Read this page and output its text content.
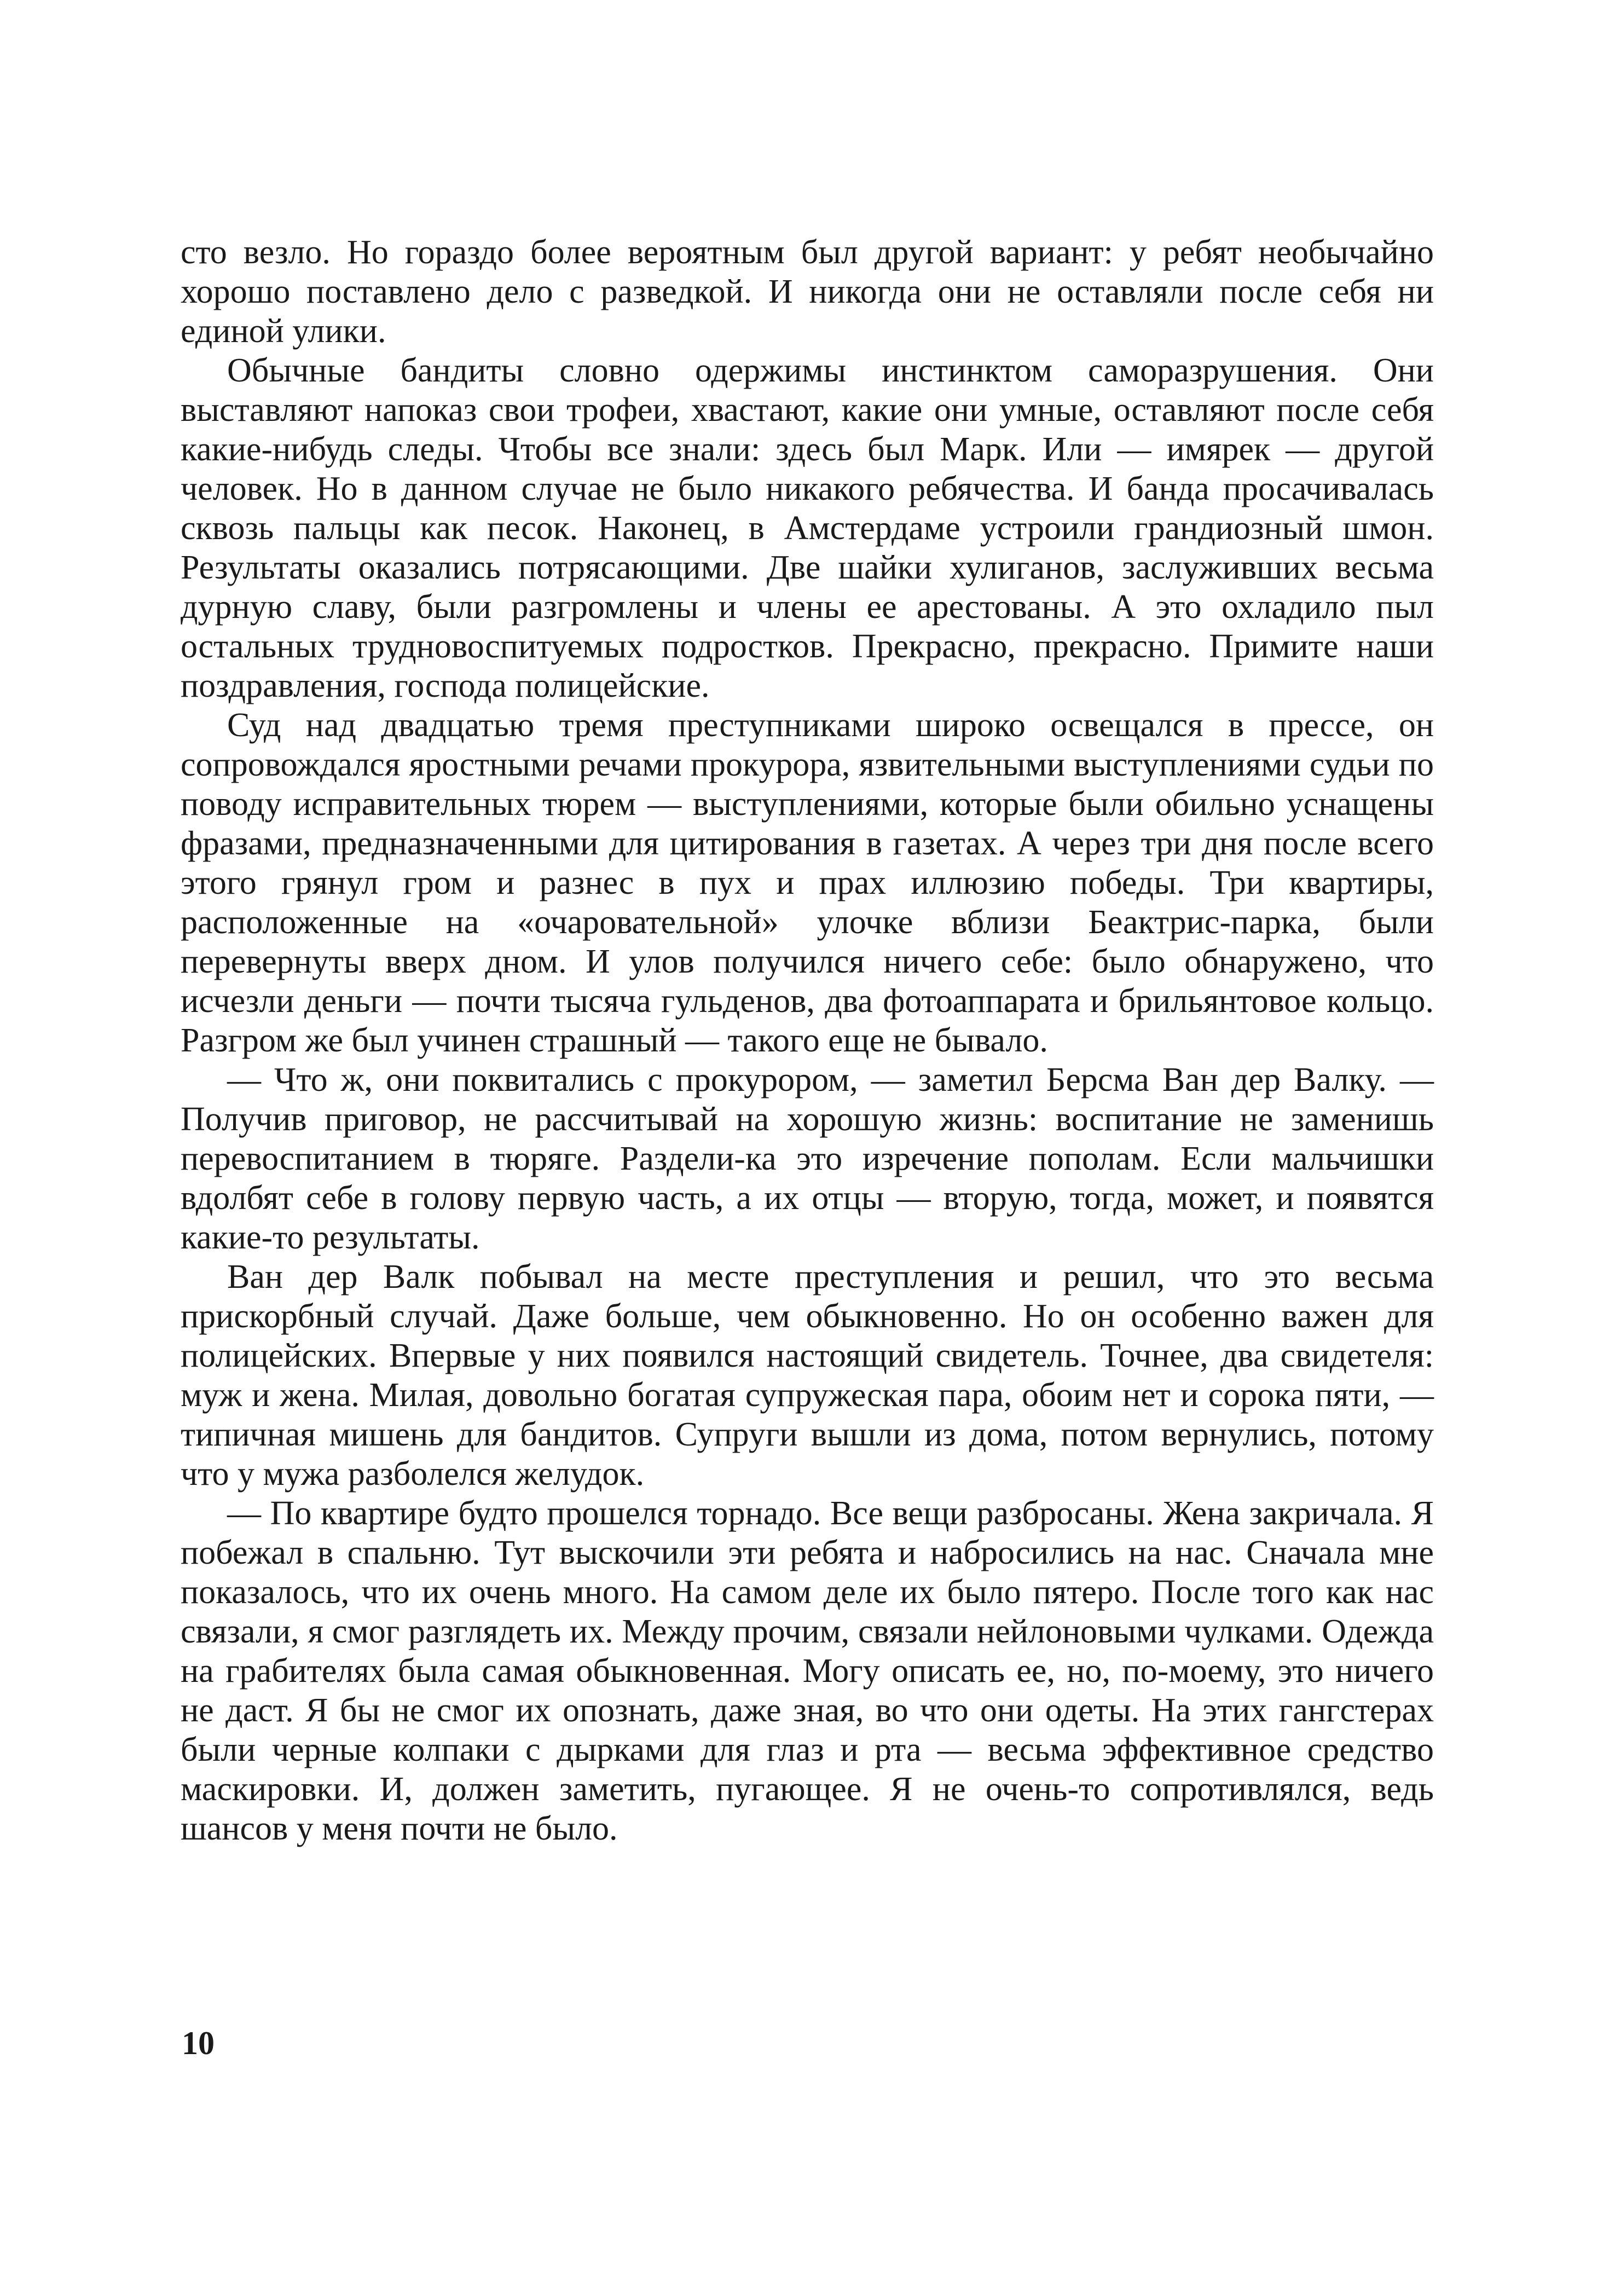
сто везло. Но гораздо более вероятным был другой вариант: у ребят необычайно хорошо поставлено дело с разведкой. И никогда они не оставляли после себя ни единой улики.

Обычные бандиты словно одержимы инстинктом саморазрушения. Они выставляют напоказ свои трофеи, хвастают, какие они умные, оставляют после себя какие-нибудь следы. Чтобы все знали: здесь был Марк. Или — имярек — другой человек. Но в данном случае не было никакого ребячества. И банда просачивалась сквозь пальцы как песок. Наконец, в Амстердаме устроили грандиозный шмон. Результаты оказались потрясающими. Две шайки хулиганов, заслуживших весьма дурную славу, были разгромлены и члены ее арестованы. А это охладило пыл остальных трудновоспитуемых подростков. Прекрасно, прекрасно. Примите наши поздравления, господа полицейские.

Суд над двадцатью тремя преступниками широко освещался в прессе, он сопровождался яростными речами прокурора, язвительными выступлениями судьи по поводу исправительных тюрем — выступлениями, которые были обильно уснащены фразами, предназначенными для цитирования в газетах. А через три дня после всего этого грянул гром и разнес в пух и прах иллюзию победы. Три квартиры, расположенные на «очаровательной» улочке вблизи Беактрис-парка, были перевернуты вверх дном. И улов получился ничего себе: было обнаружено, что исчезли деньги — почти тысяча гульденов, два фотоаппарата и брильянтовое кольцо. Разгром же был учинен страшный — такого еще не бывало.

— Что ж, они поквитались с прокурором, — заметил Берсма Ван дер Валку. — Получив приговор, не рассчитывай на хорошую жизнь: воспитание не заменишь перевоспитанием в тюряге. Раздели-ка это изречение пополам. Если мальчишки вдолбят себе в голову первую часть, а их отцы — вторую, тогда, может, и появятся какие-то результаты.

Ван дер Валк побывал на месте преступления и решил, что это весьма прискорбный случай. Даже больше, чем обыкновенно. Но он особенно важен для полицейских. Впервые у них появился настоящий свидетель. Точнее, два свидетеля: муж и жена. Милая, довольно богатая супружеская пара, обоим нет и сорока пяти, — типичная мишень для бандитов. Супруги вышли из дома, потом вернулись, потому что у мужа разболелся желудок.

— По квартире будто прошелся торнадо. Все вещи разбросаны. Жена закричала. Я побежал в спальню. Тут выскочили эти ребята и набросились на нас. Сначала мне показалось, что их очень много. На самом деле их было пятеро. После того как нас связали, я смог разглядеть их. Между прочим, связали нейлоновыми чулками. Одежда на грабителях была самая обыкновенная. Могу описать ее, но, по-моему, это ничего не даст. Я бы не смог их опознать, даже зная, во что они одеты. На этих гангстерах были черные колпаки с дырками для глаз и рта — весьма эффективное средство маскировки. И, должен заметить, пугающее. Я не очень-то сопротивлялся, ведь шансов у меня почти не было.

10
